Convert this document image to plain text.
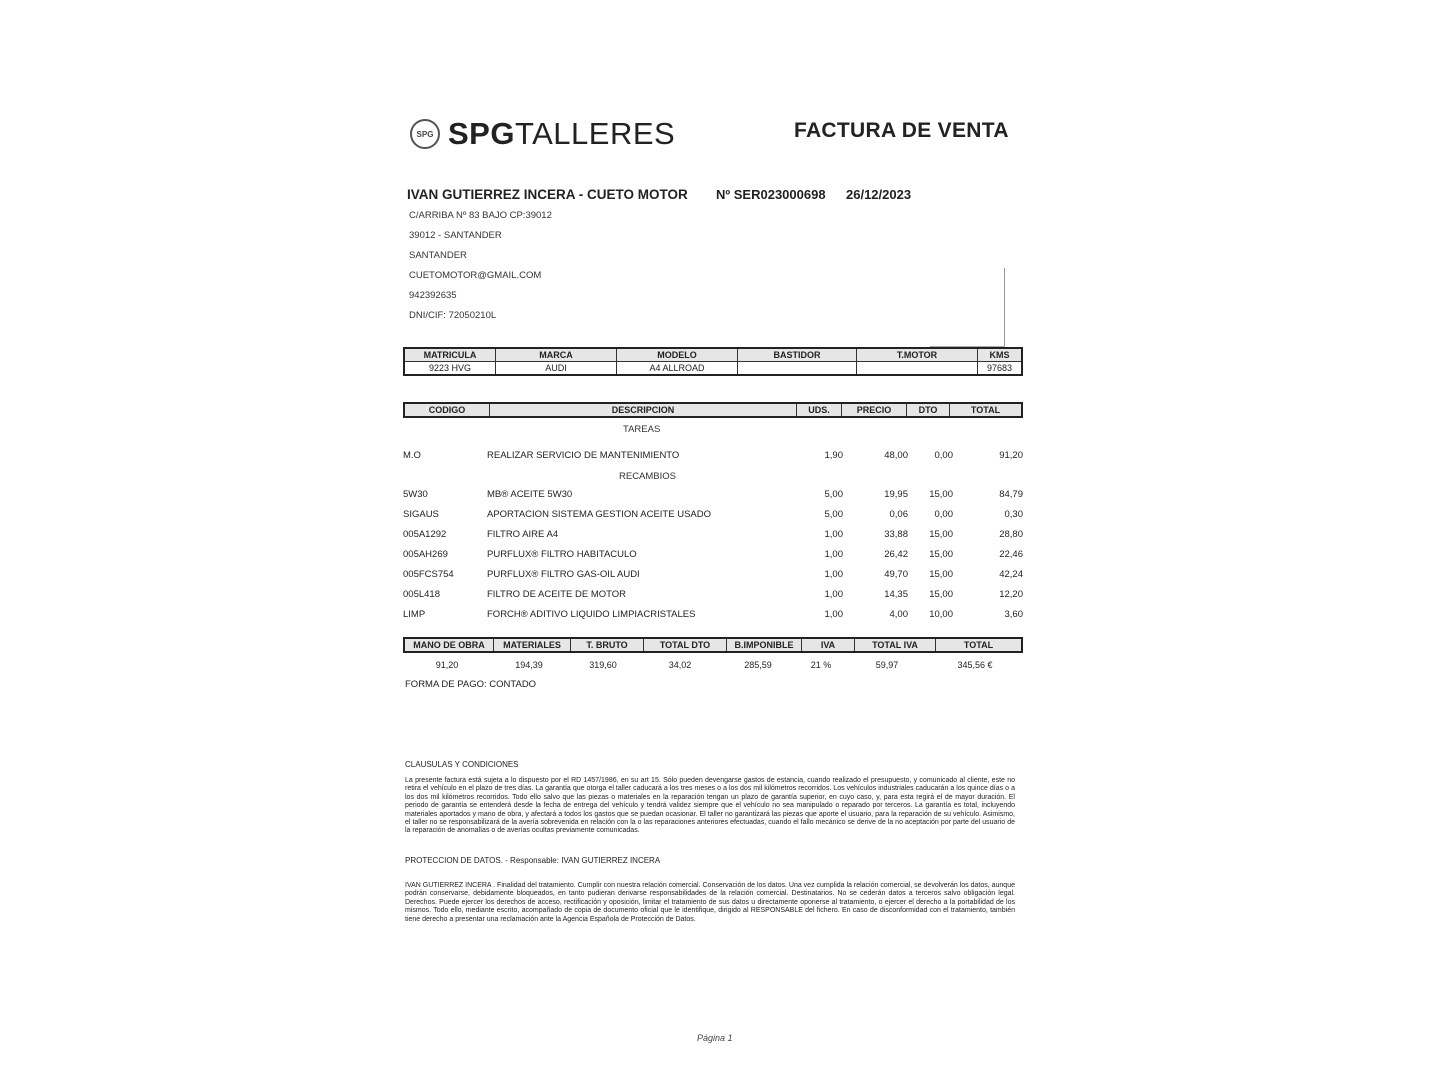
SPG SPGTALLERES	FACTURA DE VENTA
IVAN GUTIERREZ INCERA - CUETO MOTOR Nº SER023000698 26/12/2023
C/ARRIBA Nº 83 BAJO CP:39012
39012 - SANTANDER
SANTANDER
CUETOMOTOR@GMAIL.COM
942392635
DNI/CIF: 72050210L
MATRICULA	MARCA	MODELO	BASTIDOR	T.MOTOR	KMS
9223 HVG	AUDI	A4 ALLROAD			97683
CODIGO	DESCRIPCION	UDS.	PRECIO	DTO	TOTAL
TAREAS
M.O	REALIZAR SERVICIO DE MANTENIMIENTO	1,90	48,00	0,00	91,20
RECAMBIOS
5W30	MB® ACEITE 5W30	5,00	19,95	15,00	84,79
SIGAUS	APORTACION SISTEMA GESTION ACEITE USADO	5,00	0,06	0,00	0,30
005A1292	FILTRO AIRE A4	1,00	33,88	15,00	28,80
005AH269	PURFLUX® FILTRO HABITACULO	1,00	26,42	15,00	22,46
005FCS754	PURFLUX® FILTRO GAS-OIL AUDI	1,00	49,70	15,00	42,24
005L418	FILTRO DE ACEITE DE MOTOR	1,00	14,35	15,00	12,20
LIMP	FORCH® ADITIVO LIQUIDO LIMPIACRISTALES	1,00	4,00	10,00	3,60
MANO DE OBRA	MATERIALES	T. BRUTO	TOTAL DTO	B.IMPONIBLE	IVA	TOTAL IVA	TOTAL
91,20	194,39	319,60	34,02	285,59	21 %	59,97	345,56 €
FORMA DE PAGO: CONTADO
CLAUSULAS Y CONDICIONES
La presente factura está sujeta a lo dispuesto por el RD 1457/1986, en su art 15. Sólo pueden devengarse gastos de estancia, cuando realizado el presupuesto, y comunicado al cliente, este no retira el vehículo en el plazo de tres días. La garantía que otorga el taller caducará a los tres meses o a los dos mil kilómetros recorridos. Los vehículos industriales caducarán a los quince días o a los dos mil kilómetros recorridos. Todo ello salvo que las piezas o materiales en la reparación tengan un plazo de garantía superior, en cuyo caso, y, para esta regirá el de mayor duración. El periodo de garantía se entenderá desde la fecha de entrega del vehículo y tendrá validez siempre que el vehículo no sea manipulado o reparado por terceros. La garantía es total, incluyendo materiales aportados y mano de obra, y afectará a todos los gastos que se puedan ocasionar. El taller no garantizará las piezas que aporte el usuario, para la reparación de su vehículo. Asimismo, el taller no se responsabilizará de la avería sobrevenida en relación con la o las reparaciones anteriores efectuadas, cuando el fallo mecánico se derive de la no aceptación por parte del usuario de la reparación de anomalías o de averías ocultas previamente comunicadas.
PROTECCION DE DATOS. - Responsable: IVAN GUTIERREZ INCERA
IVAN GUTIERREZ INCERA . Finalidad del tratamiento. Cumplir con nuestra relación comercial. Conservación de los datos. Una vez cumplida la relación comercial, se devolverán los datos, aunque podrán conservarse, debidamente bloqueados, en tanto pudieran derivarse responsabilidades de la relación comercial. Destinatarios. No se cederán datos a terceros salvo obligación legal. Derechos. Puede ejercer los derechos de acceso, rectificación y oposición, limitar el tratamiento de sus datos u directamente oponerse al tratamiento, o ejercer el derecho a la portabilidad de los mismos. Todo ello, mediante escrito, acompañado de copia de documento oficial que le identifique, dirigido al RESPONSABLE del fichero. En caso de disconformidad con el tratamiento, también tiene derecho a presentar una reclamación ante la Agencia Española de Protección de Datos.
Página 1
